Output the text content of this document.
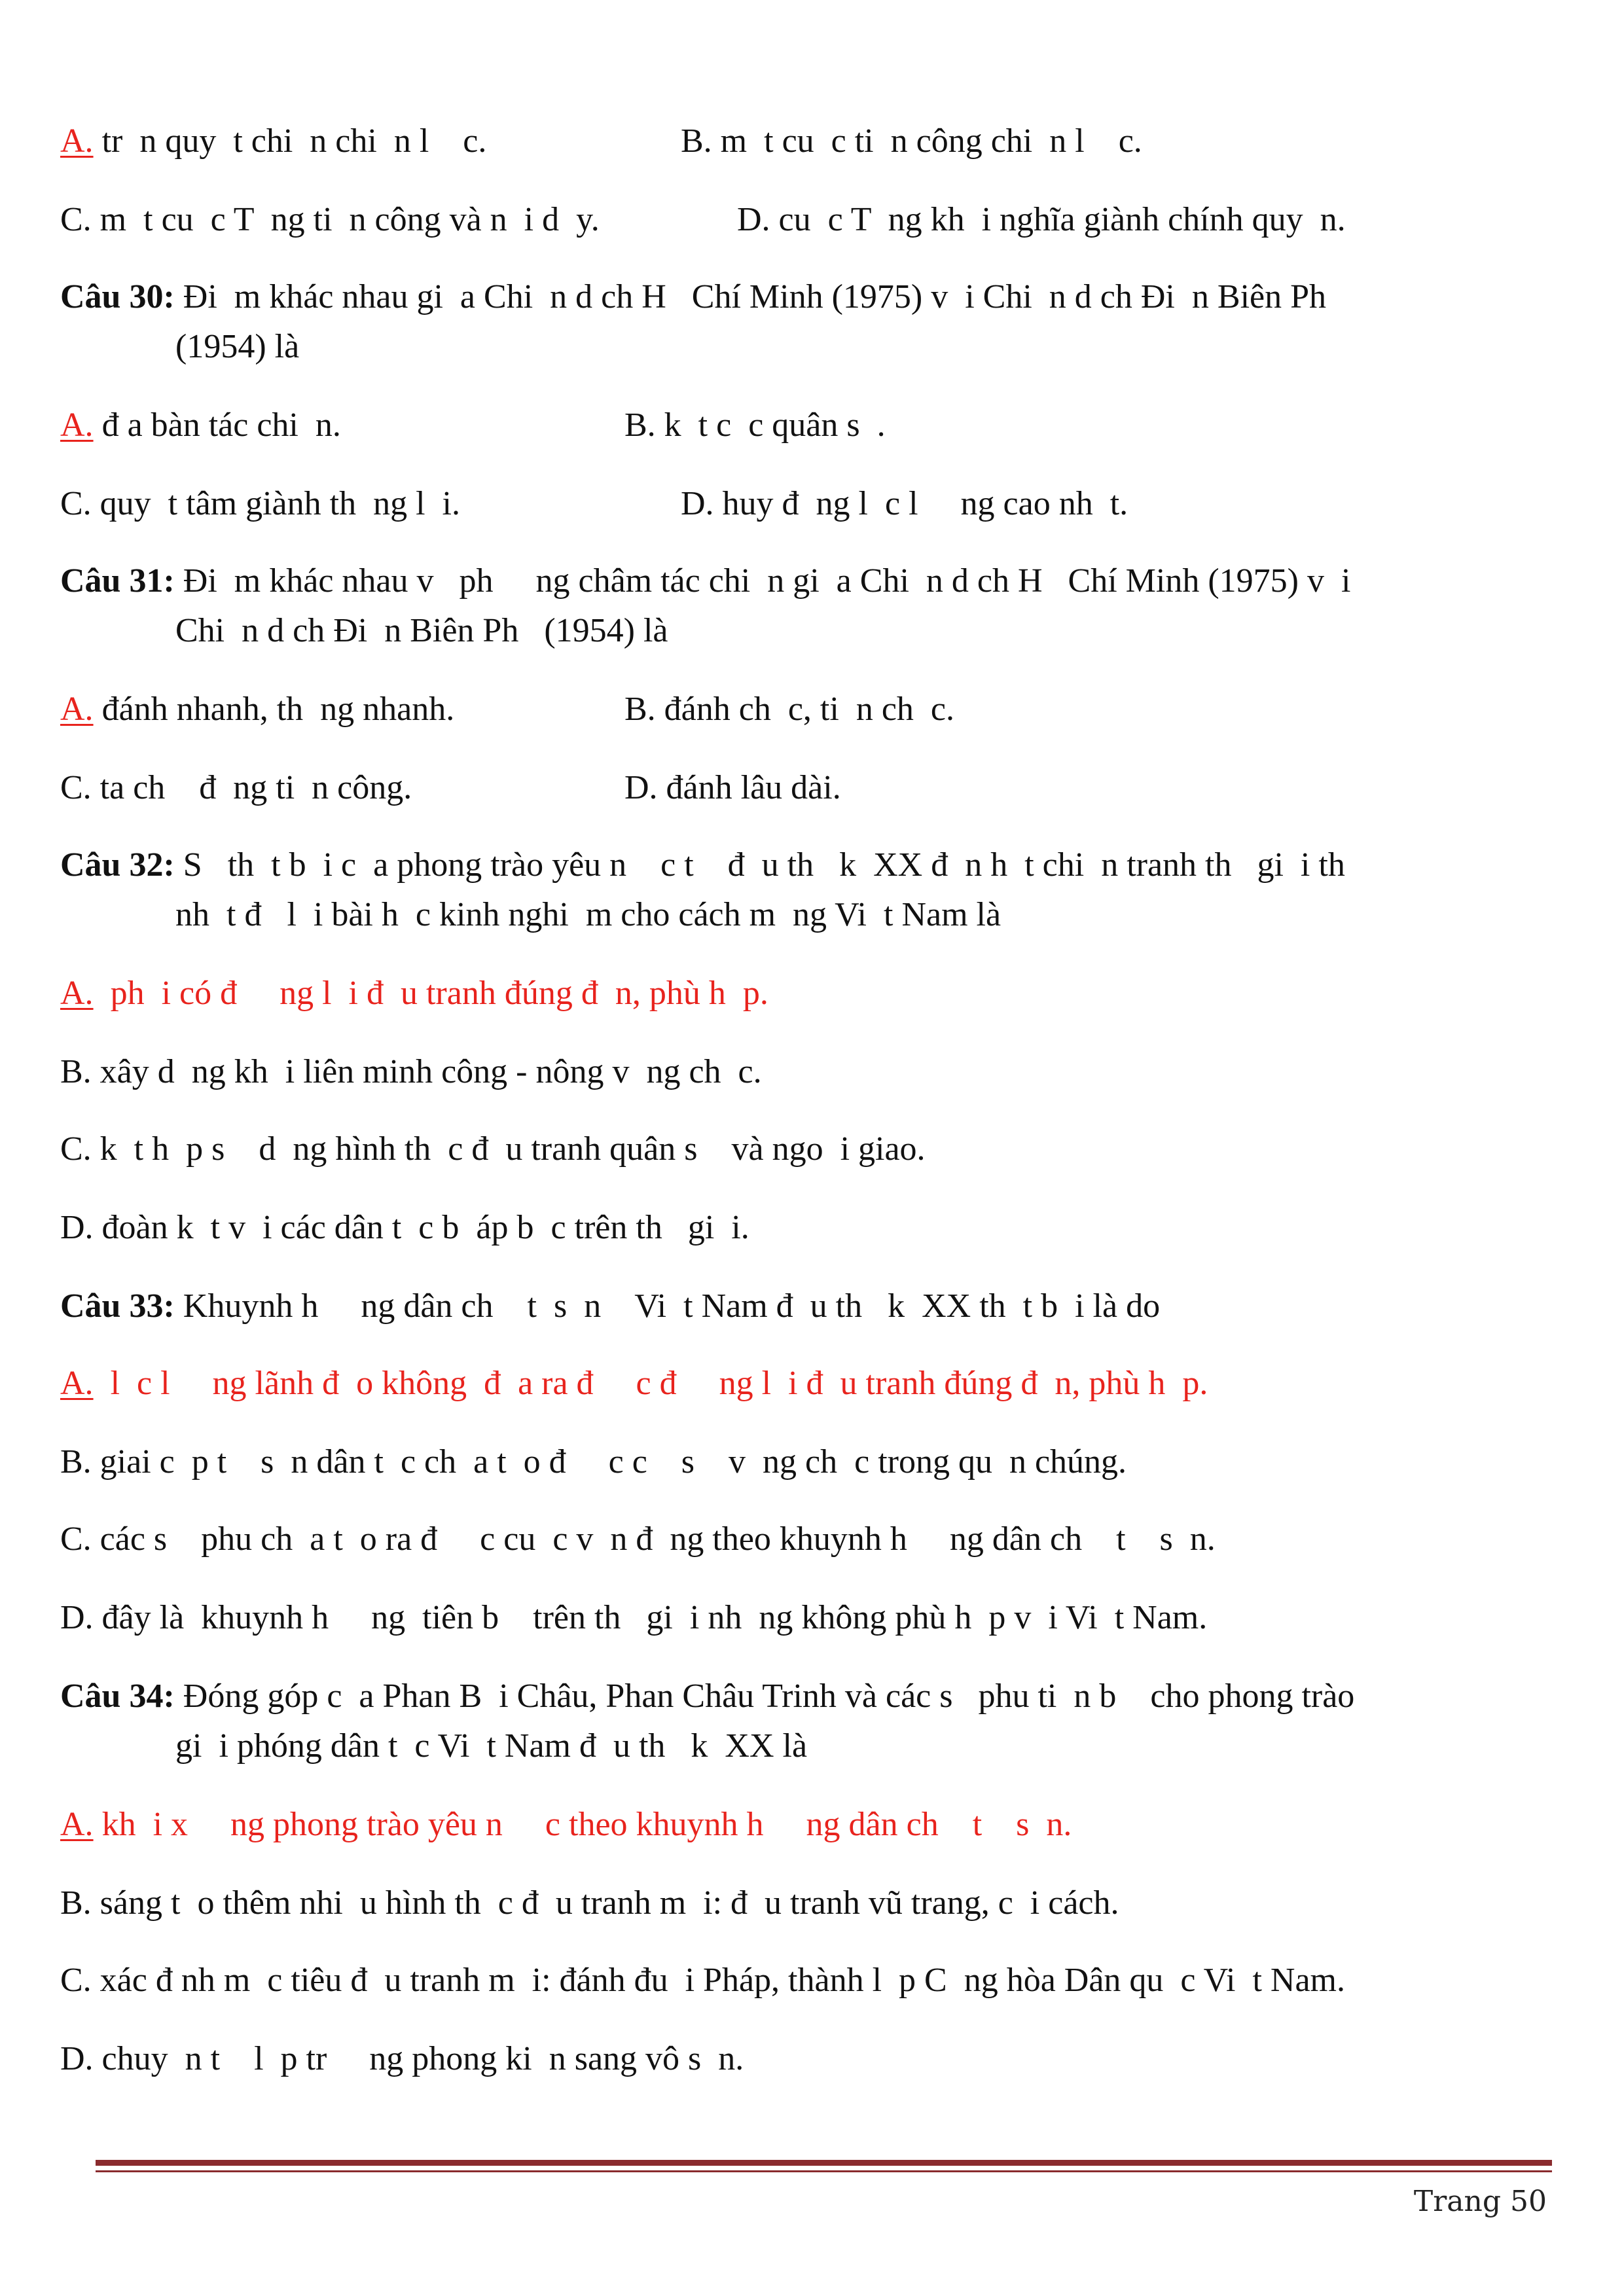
A. tr  n quy  t chi  n chi  n l    c.	B. m  t cu  c ti  n công chi  n l    c.

C. m  t cu  c T  ng ti  n công và n  i d  y.	D. cu  c T  ng kh  i nghĩa giành chính quy  n.

Câu 30: Đi  m khác nhau gi  a Chi  n d ch H   Chí Minh (1975) v  i Chi  n d ch Đi  n Biên Ph

(1954) là

A. đ a bàn tác chi  n.	B. k  t c  c quân s  .

C. quy  t tâm giành th  ng l  i.	D. huy đ  ng l  c l     ng cao nh  t.

Câu 31: Đi  m khác nhau v   ph     ng châm tác chi  n gi  a Chi  n d ch H   Chí Minh (1975) v  i

Chi  n d ch Đi  n Biên Ph   (1954) là

A. đánh nhanh, th  ng nhanh.	B. đánh ch  c, ti  n ch  c.

C. ta ch    đ  ng ti  n công.	D. đánh lâu dài.

Câu 32: S   th  t b  i c  a phong trào yêu n    c t    đ  u th   k  XX đ  n h  t chi  n tranh th   gi  i th

nh  t đ   l  i bài h  c kinh nghi  m cho cách m  ng Vi  t Nam là

A.  ph  i có đ     ng l  i đ  u tranh đúng đ  n, phù h  p.

B. xây d  ng kh  i liên minh công - nông v  ng ch  c.

C. k  t h  p s    d  ng hình th  c đ  u tranh quân s    và ngo  i giao.

D. đoàn k  t v  i các dân t  c b  áp b  c trên th   gi  i.

Câu 33: Khuynh h     ng dân ch    t  s  n    Vi  t Nam đ  u th   k  XX th  t b  i là do

A.  l  c l     ng lãnh đ  o không  đ  a ra đ     c đ     ng l  i đ  u tranh đúng đ  n, phù h  p.

B. giai c  p t    s  n dân t  c ch  a t  o đ     c c    s    v  ng ch  c trong qu  n chúng.

C. các s    phu ch  a t  o ra đ     c cu  c v  n đ  ng theo khuynh h     ng dân ch    t    s  n.

D. đây là  khuynh h     ng  tiên b    trên th   gi  i nh  ng không phù h  p v  i Vi  t Nam.

Câu 34: Đóng góp c  a Phan B  i Châu, Phan Châu Trinh và các s   phu ti  n b    cho phong trào

gi  i phóng dân t  c Vi  t Nam đ  u th   k  XX là

A. kh  i x     ng phong trào yêu n     c theo khuynh h     ng dân ch    t    s  n.

B. sáng t  o thêm nhi  u hình th  c đ  u tranh m  i: đ  u tranh vũ trang, c  i cách.

C. xác đ nh m  c tiêu đ  u tranh m  i: đánh đu  i Pháp, thành l  p C  ng hòa Dân qu  c Vi  t Nam.

D. chuy  n t    l  p tr     ng phong ki  n sang vô s  n.

Trang 50
